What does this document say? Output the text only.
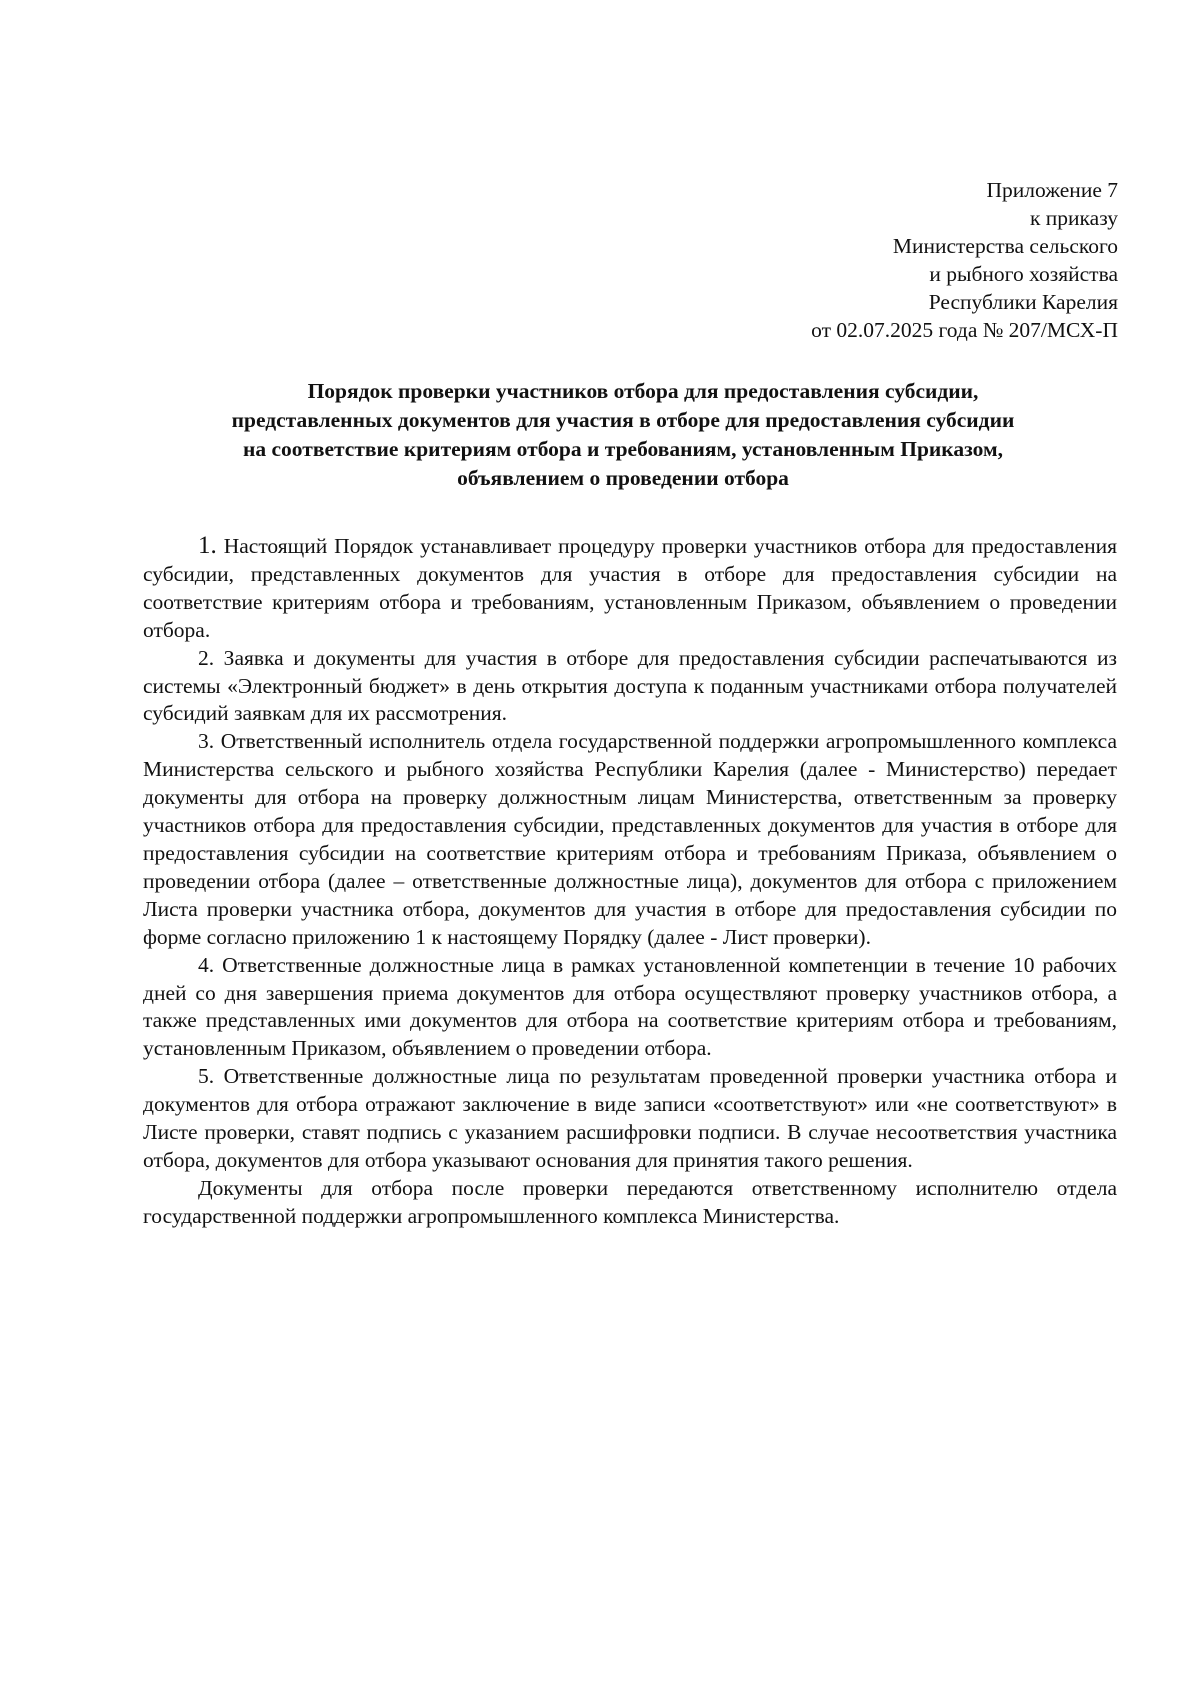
Приложение 7
к приказу
Министерства сельского
и рыбного хозяйства
Республики Карелия
от 02.07.2025 года № 207/МСХ-П
Порядок проверки участников отбора для предоставления субсидии,
представленных документов для участия в отборе для предоставления субсидии
на соответствие критериям отбора и требованиям, установленным Приказом,
объявлением о проведении отбора

1. Настоящий Порядок устанавливает процедуру проверки участников отбора для предоставления субсидии, представленных документов для участия в отборе для предоставления субсидии на соответствие критериям отбора и требованиям, установленным Приказом, объявлением о проведении отбора.

2. Заявка и документы для участия в отборе для предоставления субсидии распечатываются из системы «Электронный бюджет» в день открытия доступа к поданным участниками отбора получателей субсидий заявкам для их рассмотрения.

3. Ответственный исполнитель отдела государственной поддержки агропромышленного комплекса Министерства сельского и рыбного хозяйства Республики Карелия (далее - Министерство) передает документы для отбора на проверку должностным лицам Министерства, ответственным за проверку участников отбора для предоставления субсидии, представленных документов для участия в отборе для предоставления субсидии на соответствие критериям отбора и требованиям Приказа, объявлением о проведении отбора (далее – ответственные должностные лица), документов для отбора с приложением Листа проверки участника отбора, документов для участия в отборе для предоставления субсидии по форме согласно приложению 1 к настоящему Порядку (далее - Лист проверки).

4. Ответственные должностные лица в рамках установленной компетенции в течение 10 рабочих дней со дня завершения приема документов для отбора осуществляют проверку участников отбора, а также представленных ими документов для отбора на соответствие критериям отбора и требованиям, установленным Приказом, объявлением о проведении отбора.

5. Ответственные должностные лица по результатам проведенной проверки участника отбора и документов для отбора отражают заключение в виде записи «соответствуют» или «не соответствуют» в Листе проверки, ставят подпись с указанием расшифровки подписи. В случае несоответствия участника отбора, документов для отбора указывают основания для принятия такого решения.

Документы для отбора после проверки передаются ответственному исполнителю отдела государственной поддержки агропромышленного комплекса Министерства.
